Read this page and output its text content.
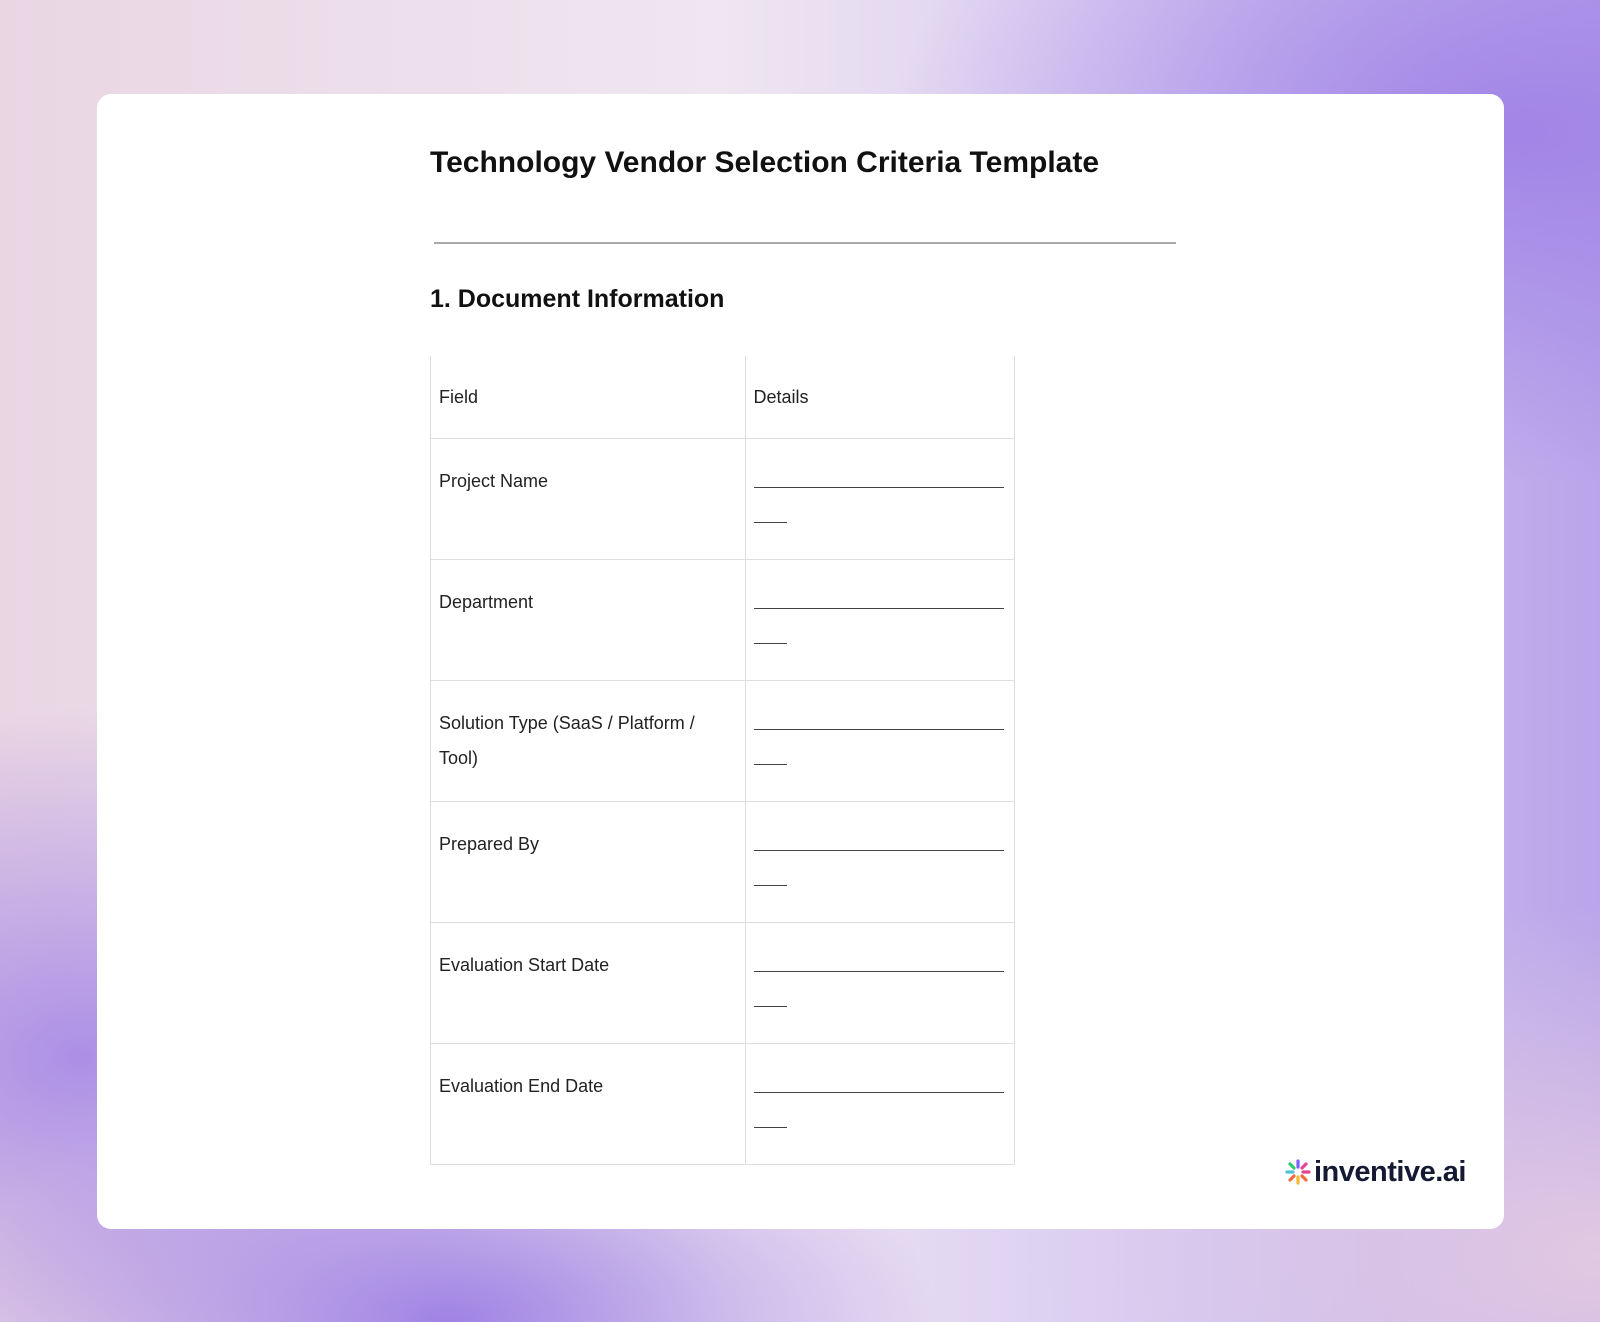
Technology Vendor Selection Criteria Template
1. Document Information
Field	Details

Project Name	

Department	

Solution Type (SaaS / Platform / Tool)	

Prepared By	

Evaluation Start Date	

Evaluation End Date	

inventive.ai
